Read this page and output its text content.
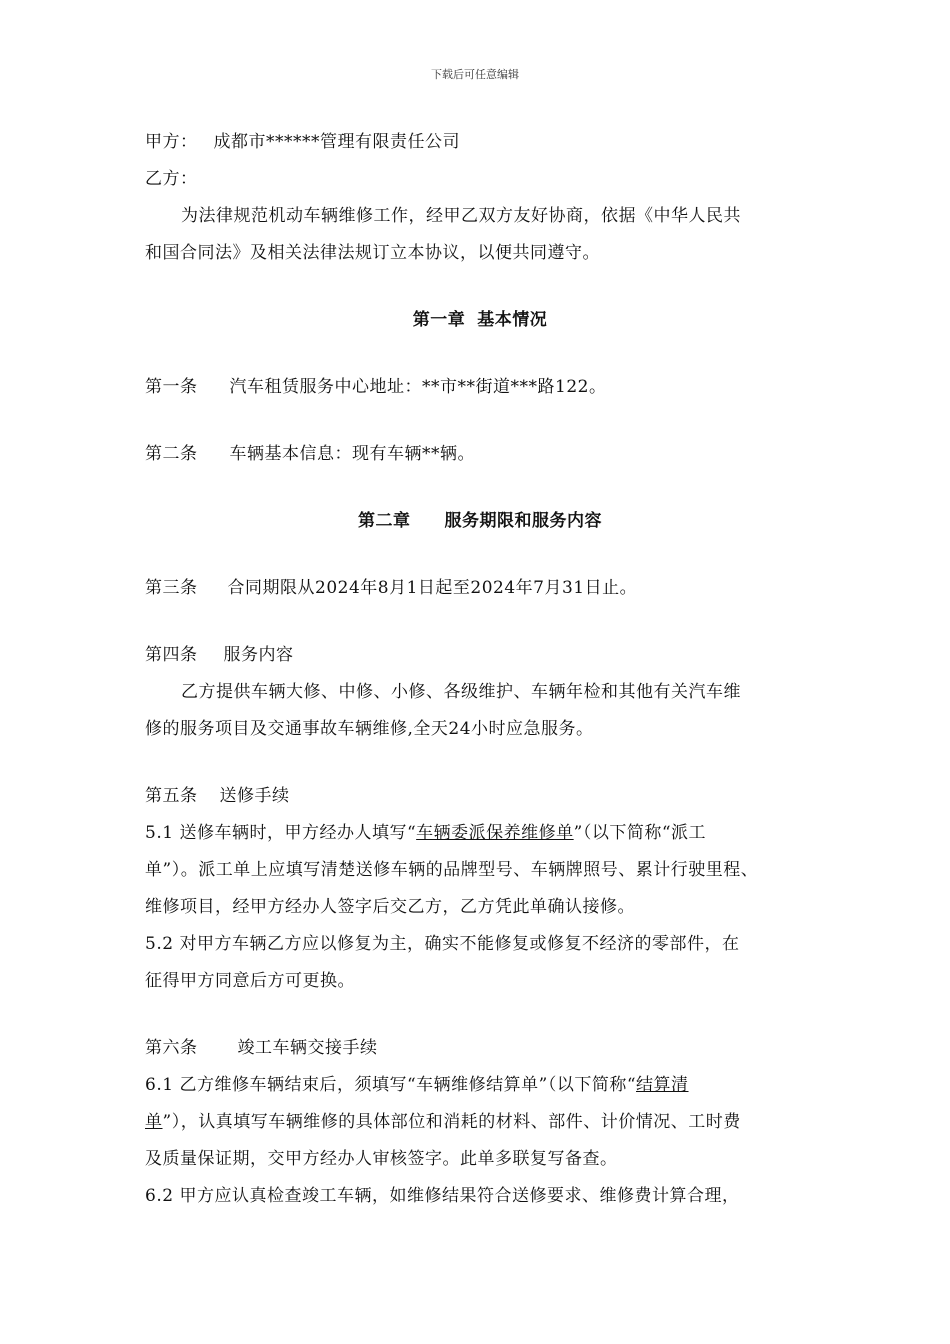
下载后可任意编辑
甲方： 成都市******管理有限责任公司
乙方：
为法律规范机动车辆维修工作，经甲乙双方友好协商，依据《中华人民共
和国合同法》及相关法律法规订立本协议，以便共同遵守。
第一章 基本情况
第一条 汽车租赁服务中心地址：**市**街道***路122。
第二条 车辆基本信息：现有车辆**辆。
第二章 服务期限和服务内容
第三条 合同期限从2024年8月1日起至2024年7月31日止。
第四条 服务内容
乙方提供车辆大修、中修、小修、各级维护、车辆年检和其他有关汽车维
修的服务项目及交通事故车辆维修,全天24小时应急服务。
第五条 送修手续
5.1 送修车辆时，甲方经办人填写“车辆委派保养维修单”（以下简称“派工
单”）。派工单上应填写清楚送修车辆的品牌型号、车辆牌照号、累计行驶里程、
维修项目，经甲方经办人签字后交乙方，乙方凭此单确认接修。
5.2 对甲方车辆乙方应以修复为主，确实不能修复或修复不经济的零部件，在
征得甲方同意后方可更换。
第六条 竣工车辆交接手续
6.1 乙方维修车辆结束后，须填写“车辆维修结算单”（以下简称“结算清
单”），认真填写车辆维修的具体部位和消耗的材料、部件、计价情况、工时费
及质量保证期，交甲方经办人审核签字。此单多联复写备查。
6.2 甲方应认真检查竣工车辆，如维修结果符合送修要求、维修费计算合理，
